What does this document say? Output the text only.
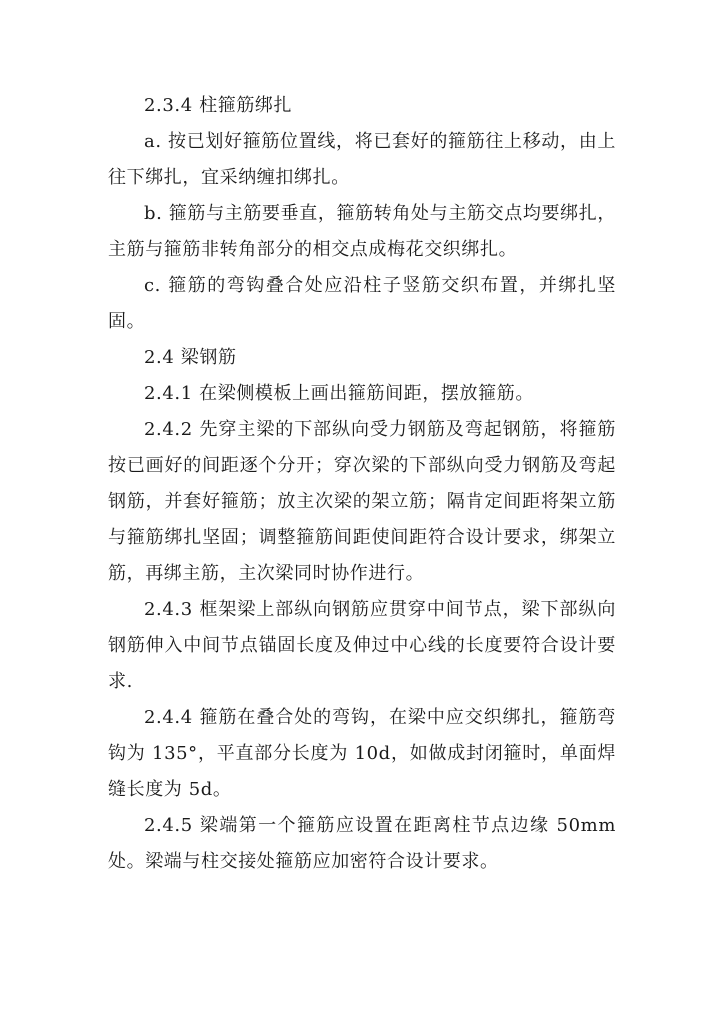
2.3.4 柱箍筋绑扎

a. 按已划好箍筋位置线，将已套好的箍筋往上移动，由上往下绑扎，宜采纳缠扣绑扎。

b. 箍筋与主筋要垂直，箍筋转角处与主筋交点均要绑扎，主筋与箍筋非转角部分的相交点成梅花交织绑扎。

c. 箍筋的弯钩叠合处应沿柱子竖筋交织布置，并绑扎坚固。

2.4 梁钢筋

2.4.1 在梁侧模板上画出箍筋间距，摆放箍筋。

2.4.2 先穿主梁的下部纵向受力钢筋及弯起钢筋，将箍筋按已画好的间距逐个分开；穿次梁的下部纵向受力钢筋及弯起钢筋，并套好箍筋；放主次梁的架立筋；隔肯定间距将架立筋与箍筋绑扎坚固；调整箍筋间距使间距符合设计要求，绑架立筋，再绑主筋，主次梁同时协作进行。

2.4.3 框架梁上部纵向钢筋应贯穿中间节点，梁下部纵向钢筋伸入中间节点锚固长度及伸过中心线的长度要符合设计要求.

2.4.4 箍筋在叠合处的弯钩，在梁中应交织绑扎，箍筋弯钩为 135°，平直部分长度为 10d，如做成封闭箍时，单面焊缝长度为 5d。

2.4.5 梁端第一个箍筋应设置在距离柱节点边缘 50mm 处。梁端与柱交接处箍筋应加密符合设计要求。
